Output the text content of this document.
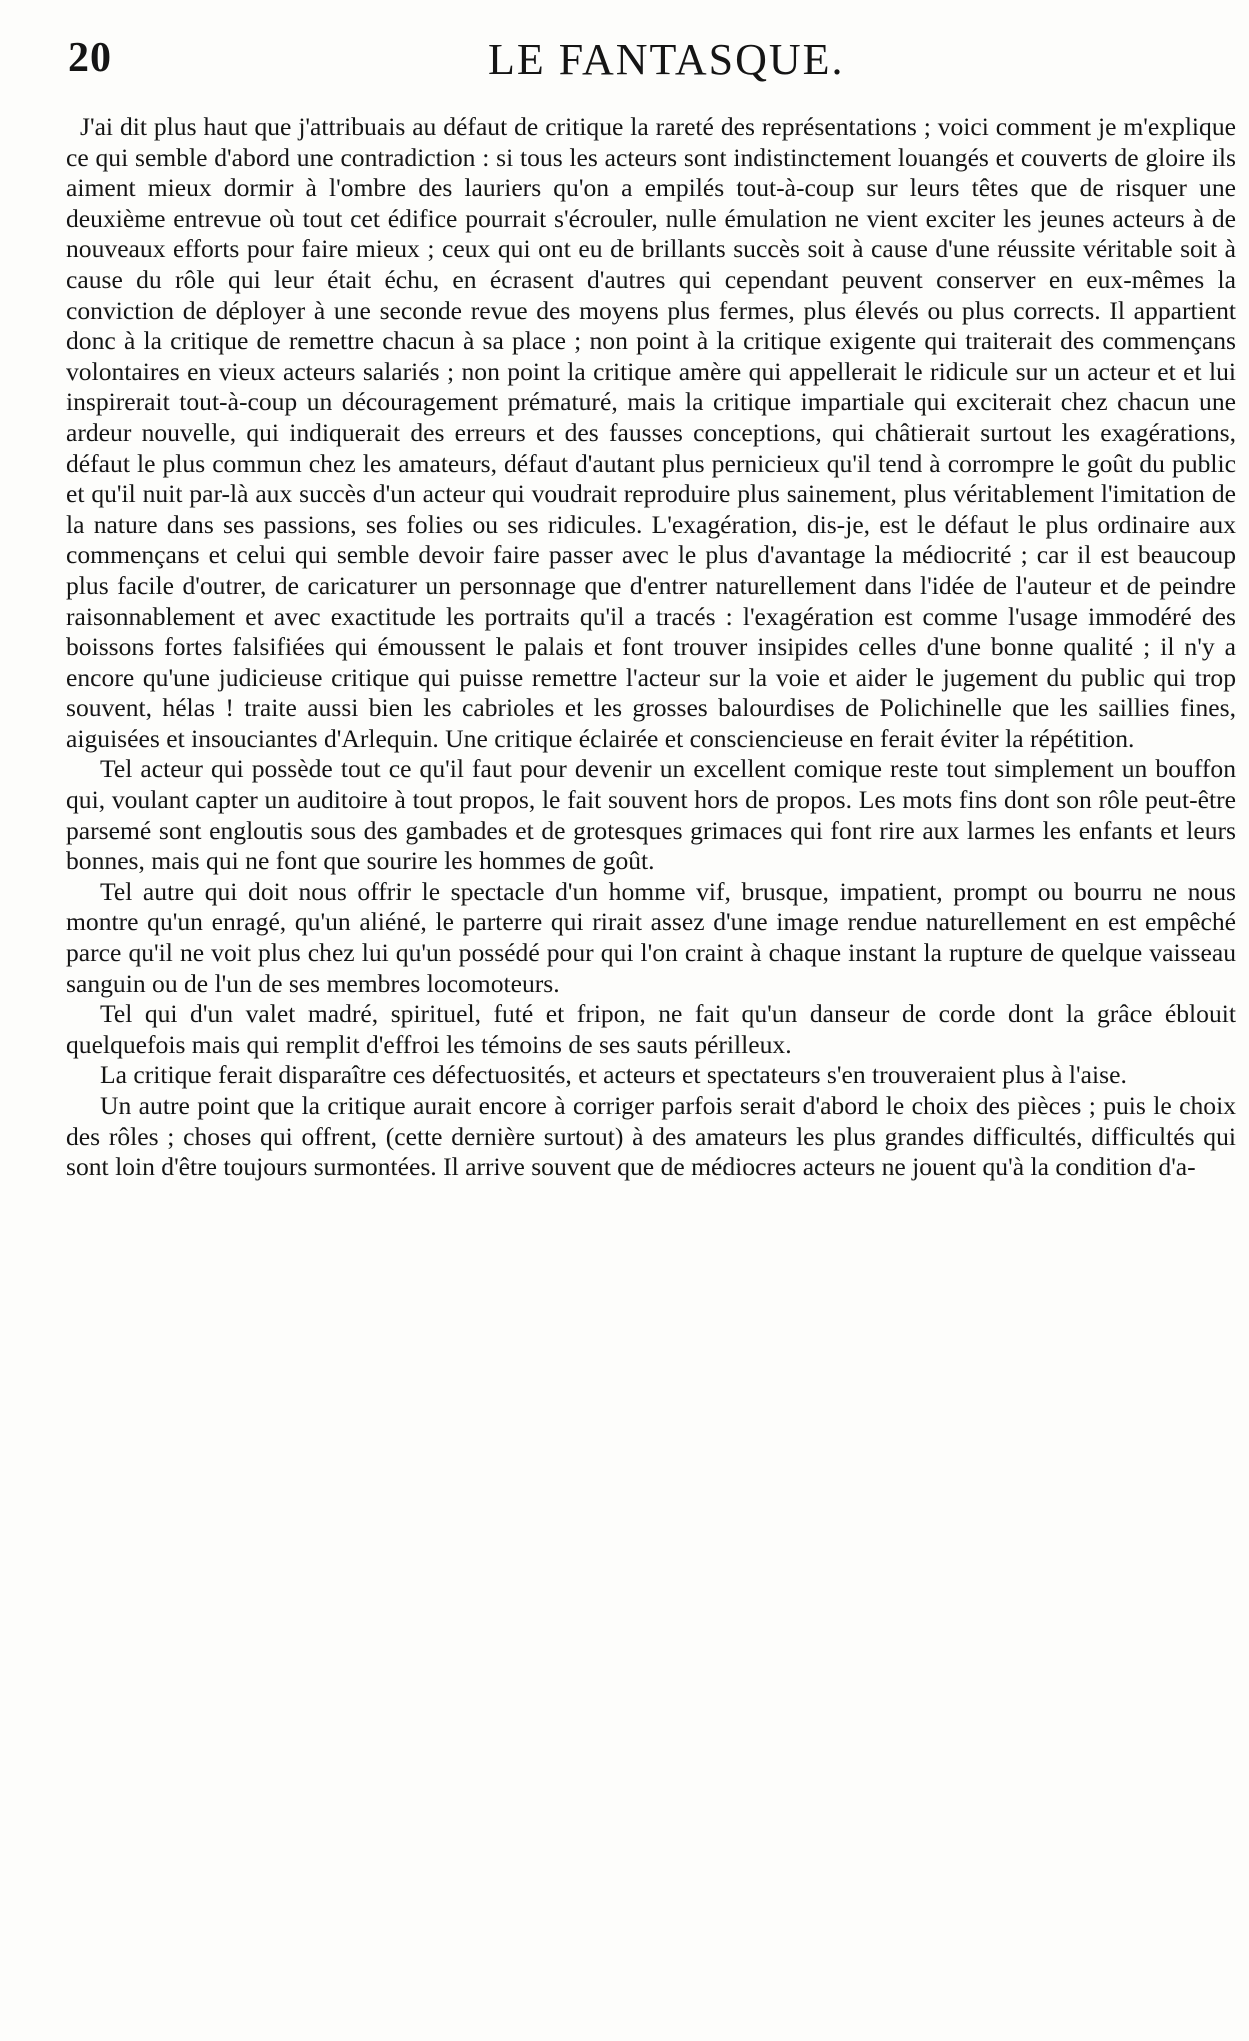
20	LE FANTASQUE.

J'ai dit plus haut que j'attribuais au défaut de critique la rareté des représentations ; voici comment je m'explique ce qui semble d'abord une contradiction : si tous les acteurs sont indistinctement louangés et couverts de gloire ils aiment mieux dormir à l'ombre des lauriers qu'on a empilés tout-à-coup sur leurs têtes que de risquer une deuxième entrevue où tout cet édifice pourrait s'écrouler, nulle émulation ne vient exciter les jeunes acteurs à de nouveaux efforts pour faire mieux ; ceux qui ont eu de brillants succès soit à cause d'une réussite véritable soit à cause du rôle qui leur était échu, en écrasent d'autres qui cependant peuvent conserver en eux-mêmes la conviction de déployer à une seconde revue des moyens plus fermes, plus élevés ou plus corrects. Il appartient donc à la critique de remettre chacun à sa place ; non point à la critique exigente qui traiterait des commençans volontaires en vieux acteurs salariés ; non point la critique amère qui appellerait le ridicule sur un acteur et et lui inspirerait tout-à-coup un découragement prématuré, mais la critique impartiale qui exciterait chez chacun une ardeur nouvelle, qui indiquerait des erreurs et des fausses conceptions, qui châtierait surtout les exagérations, défaut le plus commun chez les amateurs, défaut d'autant plus pernicieux qu'il tend à corrompre le goût du public et qu'il nuit par-là aux succès d'un acteur qui voudrait reproduire plus sainement, plus véritablement l'imitation de la nature dans ses passions, ses folies ou ses ridicules. L'exagération, dis-je, est le défaut le plus ordinaire aux commençans et celui qui semble devoir faire passer avec le plus d'avantage la médiocrité ; car il est beaucoup plus facile d'outrer, de caricaturer un personnage que d'entrer naturellement dans l'idée de l'auteur et de peindre raisonnablement et avec exactitude les portraits qu'il a tracés : l'exagération est comme l'usage immodéré des boissons fortes falsifiées qui émoussent le palais et font trouver insipides celles d'une bonne qualité ; il n'y a encore qu'une judicieuse critique qui puisse remettre l'acteur sur la voie et aider le jugement du public qui trop souvent, hélas ! traite aussi bien les cabrioles et les grosses balourdises de Polichinelle que les saillies fines, aiguisées et insouciantes d'Arlequin. Une critique éclairée et consciencieuse en ferait éviter la répétition.

Tel acteur qui possède tout ce qu'il faut pour devenir un excellent comique reste tout simplement un bouffon qui, voulant capter un auditoire à tout propos, le fait souvent hors de propos. Les mots fins dont son rôle peut-être parsemé sont engloutis sous des gambades et de grotesques grimaces qui font rire aux larmes les enfants et leurs bonnes, mais qui ne font que sourire les hommes de goût.

Tel autre qui doit nous offrir le spectacle d'un homme vif, brusque, impatient, prompt ou bourru ne nous montre qu'un enragé, qu'un aliéné, le parterre qui rirait assez d'une image rendue naturellement en est empêché parce qu'il ne voit plus chez lui qu'un possédé pour qui l'on craint à chaque instant la rupture de quelque vaisseau sanguin ou de l'un de ses membres locomoteurs.

Tel qui d'un valet madré, spirituel, futé et fripon, ne fait qu'un danseur de corde dont la grâce éblouit quelquefois mais qui remplit d'effroi les témoins de ses sauts périlleux.

La critique ferait disparaître ces défectuosités, et acteurs et spectateurs s'en trouveraient plus à l'aise.

Un autre point que la critique aurait encore à corriger parfois serait d'abord le choix des pièces ; puis le choix des rôles ; choses qui offrent, (cette dernière surtout) à des amateurs les plus grandes difficultés, difficultés qui sont loin d'être toujours surmontées. Il arrive souvent que de médiocres acteurs ne jouent qu'à la condition d'a-
